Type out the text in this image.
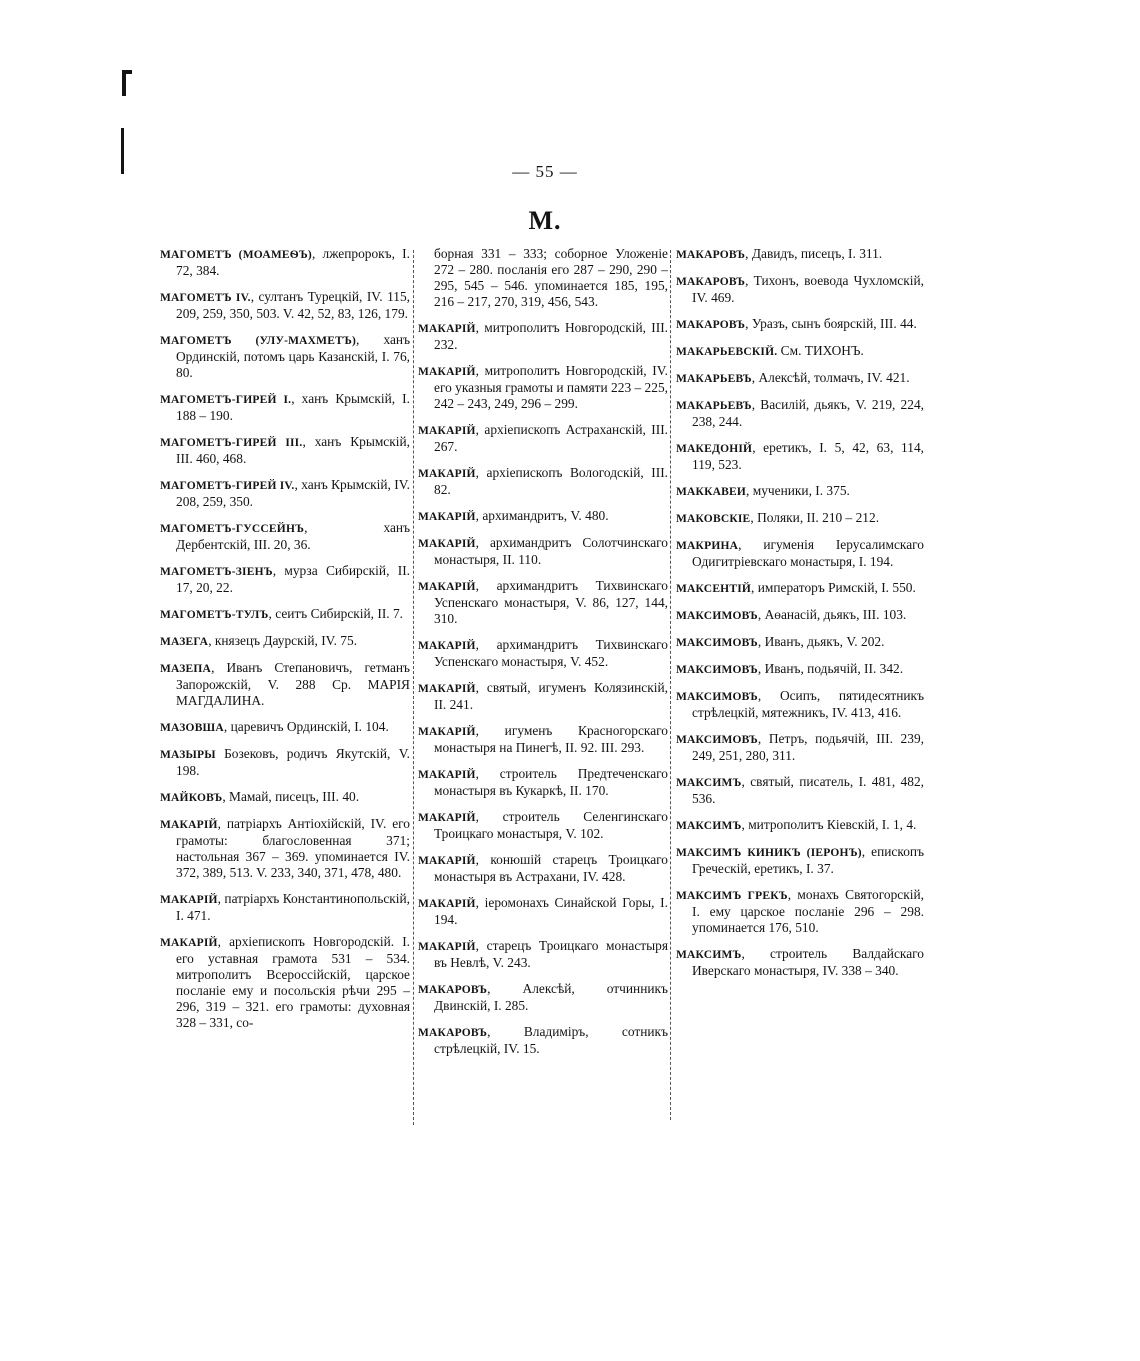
— 55 —
М.

МАГОМЕТЪ (МОАМЕѲЪ), лжепророкъ, I. 72, 384.

МАГОМЕТЪ IV., султанъ Турецкій, IV. 115, 209, 259, 350, 503. V. 42, 52, 83, 126, 179.

МАГОМЕТЪ (УЛУ-МАХМЕТЪ), ханъ Ординскій, потомъ царь Казанскій, I. 76, 80.

МАГОМЕТЪ-ГИРЕЙ I., ханъ Крымскій, I. 188 – 190.

МАГОМЕТЪ-ГИРЕЙ III., ханъ Крымскій, III. 460, 468.

МАГОМЕТЪ-ГИРЕЙ IV., ханъ Крымскій, IV. 208, 259, 350.

МАГОМЕТЪ-ГУССЕЙНЪ, ханъ Дербентскій, III. 20, 36.

МАГОМЕТЪ-ЗІЕНЪ, мурза Сибирскій, II. 17, 20, 22.

МАГОМЕТЪ-ТУЛЪ, сеитъ Сибирскій, II. 7.

МАЗЕГА, князецъ Даурскій, IV. 75.

МАЗЕПА, Иванъ Степановичъ, гетманъ Запорожскій, V. 288 Ср. МАРІЯ МАГДАЛИНА.

МАЗОВША, царевичъ Ординскій, I. 104.

МАЗЫРЫ Бозековъ, родичъ Якутскій, V. 198.

МАЙКОВЪ, Мамай, писецъ, III. 40.

МАКАРІЙ, патріархъ Антіохійскій, IV. его грамоты: благословенная 371; настольная 367 – 369. упоминается IV. 372, 389, 513. V. 233, 340, 371, 478, 480.

МАКАРІЙ, патріархъ Константинопольскій, I. 471.

МАКАРІЙ, архіепископъ Новгородскій. I. его уставная грамота 531 – 534. митрополитъ Всероссійскій, царское посланіе ему и посольскія рѣчи 295 – 296, 319 – 321. его грамоты: духовная 328 – 331, со-

борная 331 – 333; соборное Уложеніе 272 – 280. посланія его 287 – 290, 290 – 295, 545 – 546. упоминается 185, 195, 216 – 217, 270, 319, 456, 543.

МАКАРІЙ, митрополитъ Новгородскій, III. 232.

МАКАРІЙ, митрополитъ Новгородскій, IV. его указныя грамоты и памяти 223 – 225, 242 – 243, 249, 296 – 299.

МАКАРІЙ, архіепископъ Астраханскій, III. 267.

МАКАРІЙ, архіепископъ Вологодскій, III. 82.

МАКАРІЙ, архимандритъ, V. 480.

МАКАРІЙ, архимандритъ Солотчинскаго монастыря, II. 110.

МАКАРІЙ, архимандритъ Тихвинскаго Успенскаго монастыря, V. 86, 127, 144, 310.

МАКАРІЙ, архимандритъ Тихвинскаго Успенскаго монастыря, V. 452.

МАКАРІЙ, святый, игуменъ Колязинскій, II. 241.

МАКАРІЙ, игуменъ Красногорскаго монастыря на Пинегѣ, II. 92. III. 293.

МАКАРІЙ, строитель Предтеченскаго монастыря въ Кукаркѣ, II. 170.

МАКАРІЙ, строитель Селенгинскаго Троицкаго монастыря, V. 102.

МАКАРІЙ, конюшій старецъ Троицкаго монастыря въ Астрахани, IV. 428.

МАКАРІЙ, іеромонахъ Синайской Горы, I. 194.

МАКАРІЙ, старецъ Троицкаго монастыря въ Невлѣ, V. 243.

МАКАРОВЪ, Алексѣй, отчинникъ Двинскій, I. 285.

МАКАРОВЪ, Владиміръ, сотникъ стрѣлецкій, IV. 15.

МАКАРОВЪ, Давидъ, писецъ, I. 311.

МАКАРОВЪ, Тихонъ, воевода Чухломскій, IV. 469.

МАКАРОВЪ, Уразъ, сынъ боярскій, III. 44.

МАКАРЬЕВСКІЙ. См. ТИХОНЪ.

МАКАРЬЕВЪ, Алексѣй, толмачъ, IV. 421.

МАКАРЬЕВЪ, Василій, дьякъ, V. 219, 224, 238, 244.

МАКЕДОНІЙ, еретикъ, I. 5, 42, 63, 114, 119, 523.

МАККАВЕИ, мученики, I. 375.

МАКОВСКІЕ, Поляки, II. 210 – 212.

МАКРИНА, игуменія Іерусалимскаго Одигитріевскаго монастыря, I. 194.

МАКСЕНТІЙ, императоръ Римскій, I. 550.

МАКСИМОВЪ, Аѳанасій, дьякъ, III. 103.

МАКСИМОВЪ, Иванъ, дьякъ, V. 202.

МАКСИМОВЪ, Иванъ, подьячій, II. 342.

МАКСИМОВЪ, Осипъ, пятидесятникъ стрѣлецкій, мятежникъ, IV. 413, 416.

МАКСИМОВЪ, Петръ, подьячій, III. 239, 249, 251, 280, 311.

МАКСИМЪ, святый, писатель, I. 481, 482, 536.

МАКСИМЪ, митрополитъ Кіевскій, I. 1, 4.

МАКСИМЪ КИНИКЪ (ІЕРОНЪ), епископъ Греческій, еретикъ, I. 37.

МАКСИМЪ ГРЕКЪ, монахъ Святогорскій, I. ему царское посланіе 296 – 298. упоминается 176, 510.

МАКСИМЪ, строитель Валдайскаго Иверскаго монастыря, IV. 338 – 340.
